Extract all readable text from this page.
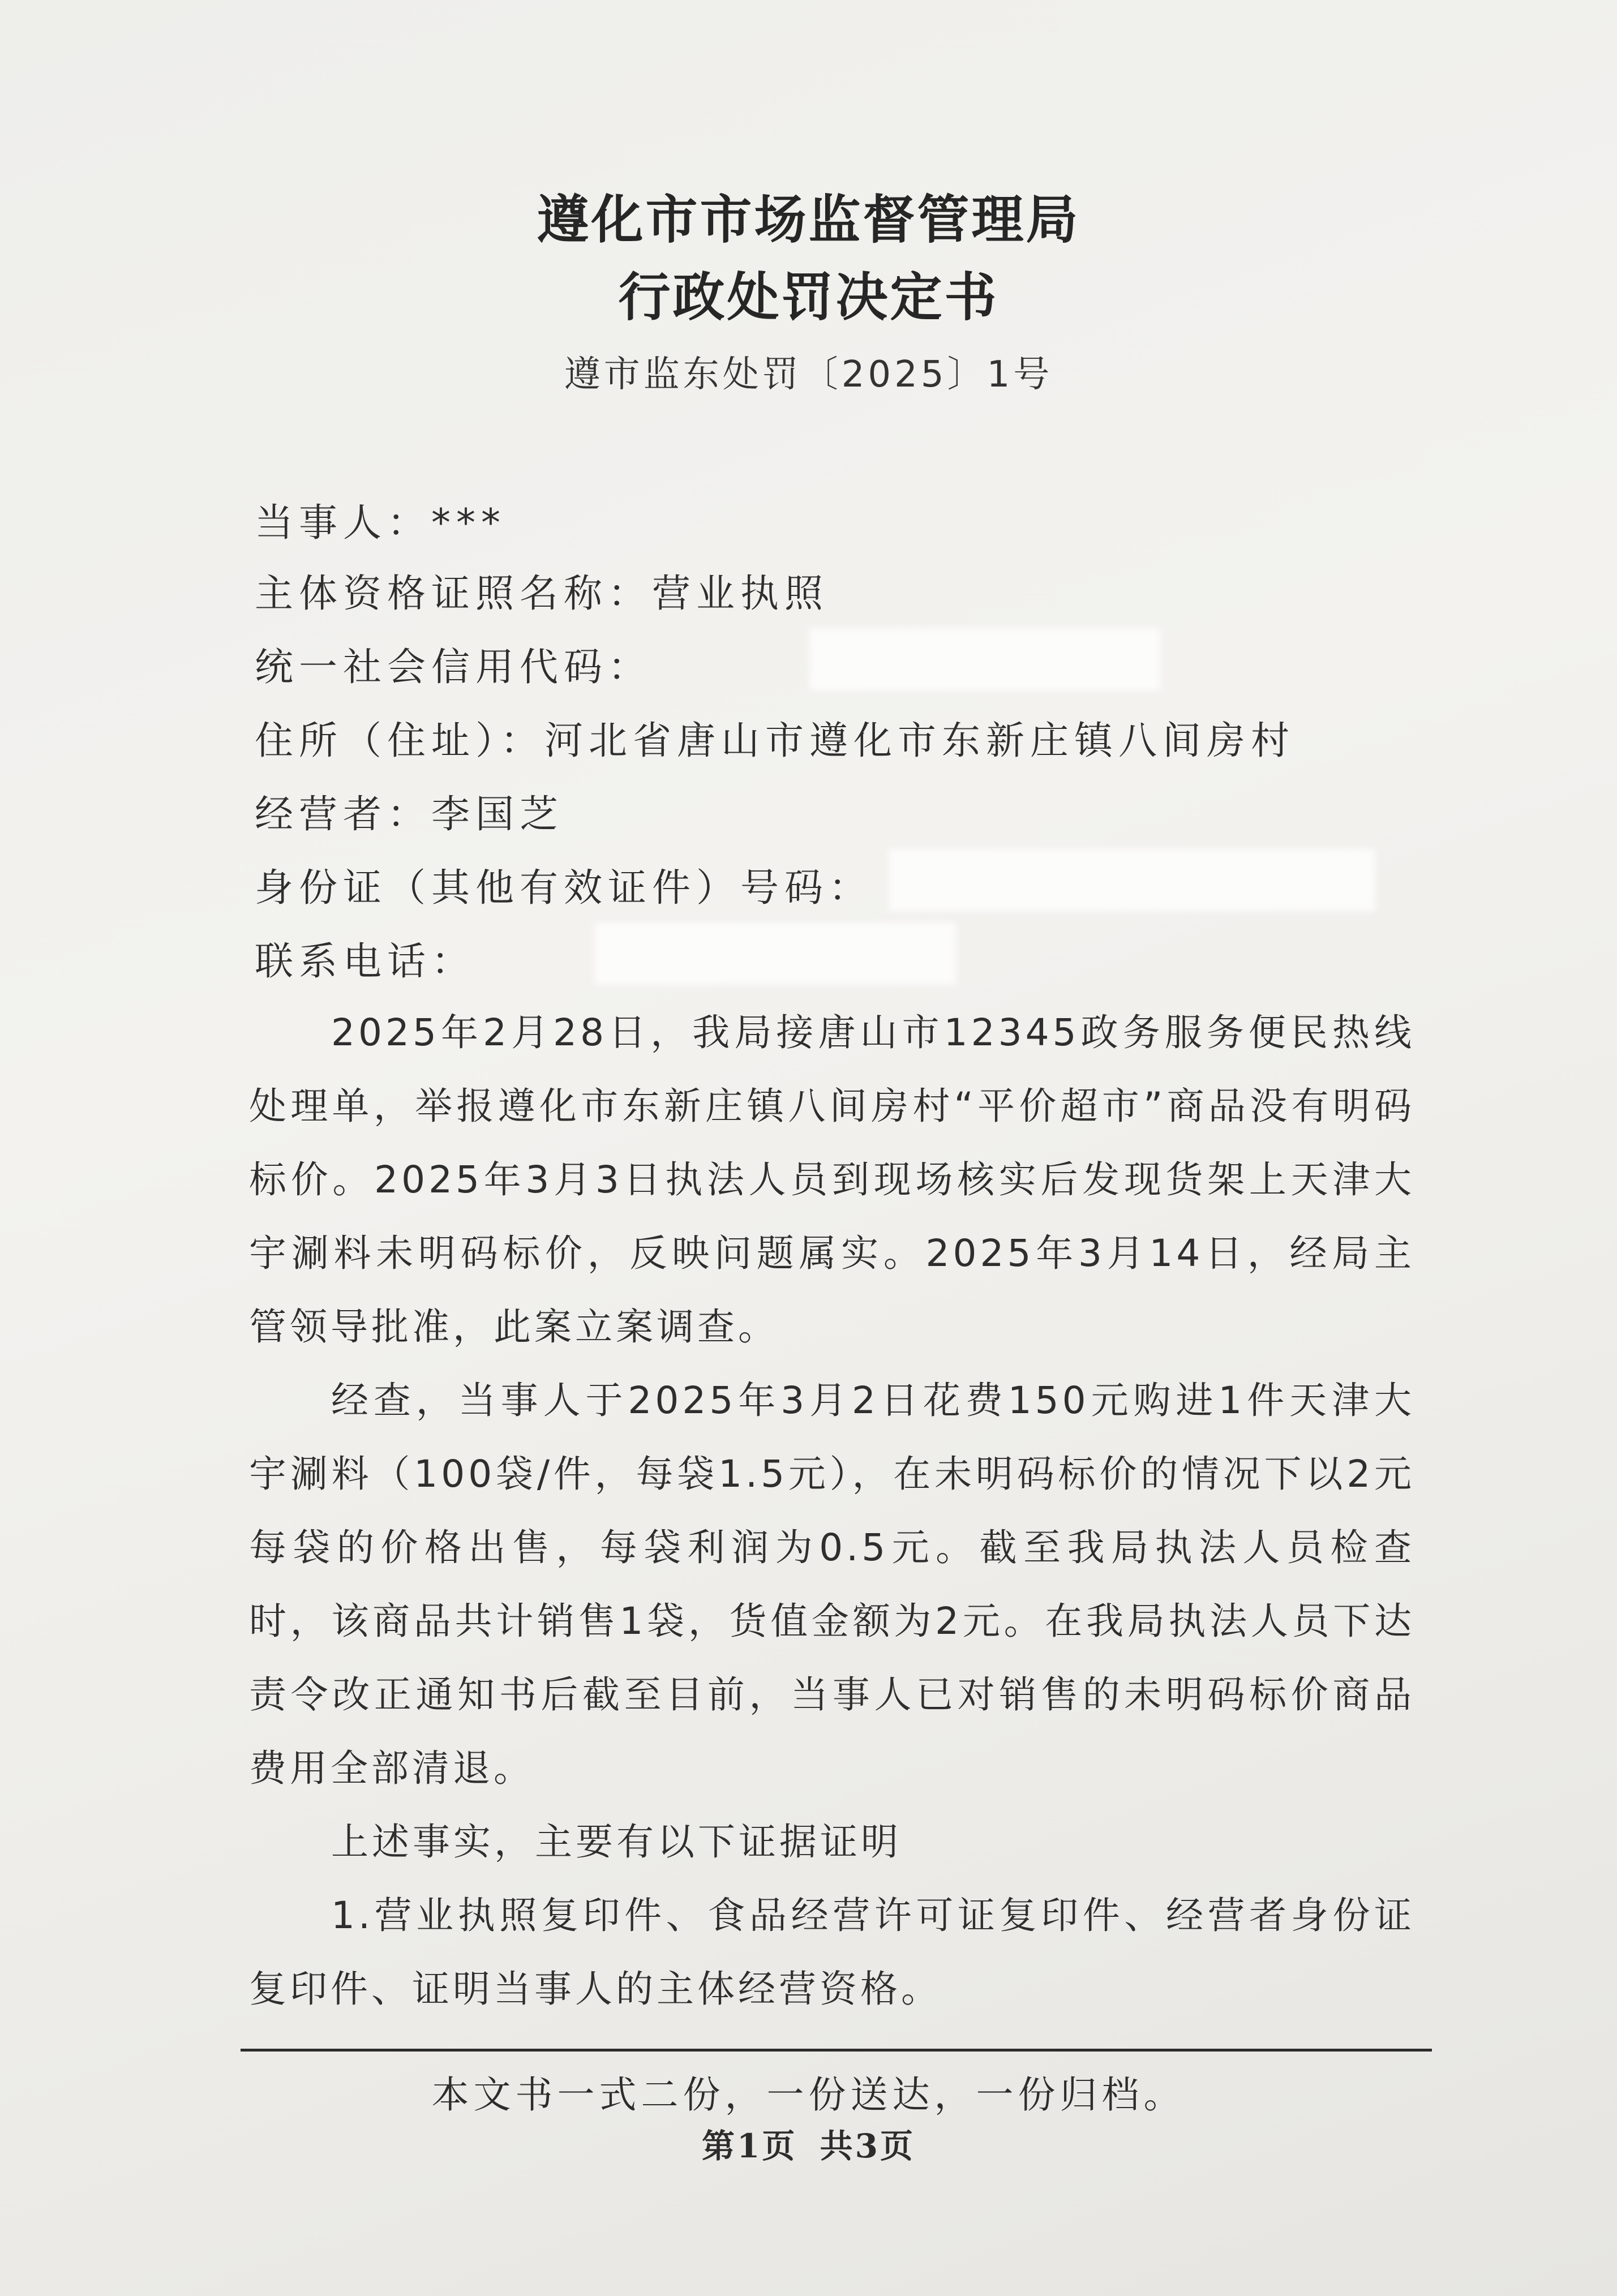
遵化市市场监督管理局
行政处罚决定书
遵市监东处罚〔2025〕1号
当事人：***
主体资格证照名称：营业执照
统一社会信用代码：
住所（住址）：河北省唐山市遵化市东新庄镇八间房村
经营者：李国芝
身份证（其他有效证件）号码：
联系电话：

2025年2月28日，我局接唐山市12345政务服务便民热线处理单，举报遵化市东新庄镇八间房村“平价超市”商品没有明码标价。2025年3月3日执法人员到现场核实后发现货架上天津大宇涮料未明码标价，反映问题属实。2025年3月14日，经局主管领导批准，此案立案调查。

经查，当事人于2025年3月2日花费150元购进1件天津大宇涮料（100袋/件，每袋1.5元），在未明码标价的情况下以2元每袋的价格出售，每袋利润为0.5元。截至我局执法人员检查时，该商品共计销售1袋，货值金额为2元。在我局执法人员下达责令改正通知书后截至目前，当事人已对销售的未明码标价商品费用全部清退。

上述事实，主要有以下证据证明

1.营业执照复印件、食品经营许可证复印件、经营者身份证复印件、证明当事人的主体经营资格。

本文书一式二份，一份送达，一份归档。
第1页 共3页
